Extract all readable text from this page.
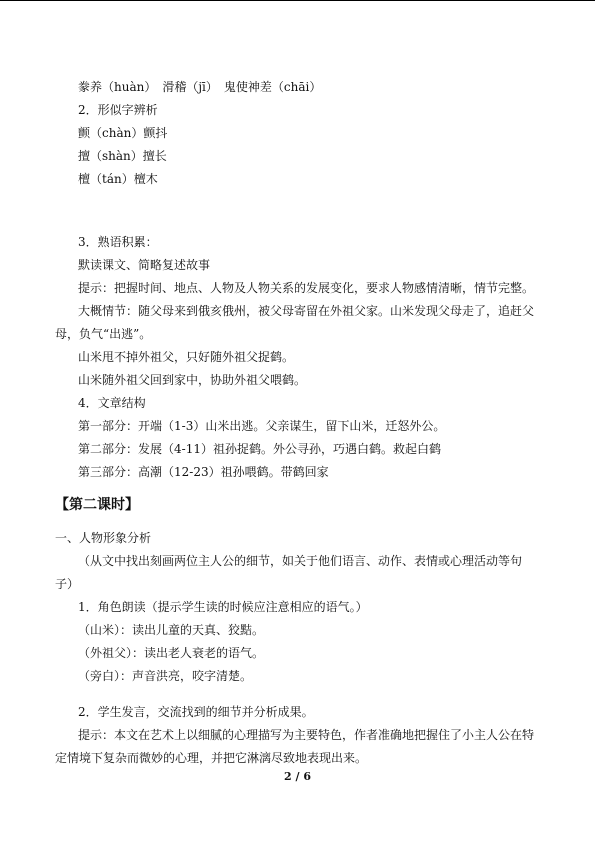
豢养（huàn）　滑稽（jī）　鬼使神差（chāi）
2．形似字辨析
颤（chàn）颤抖
擅（shàn）擅长
檀（tán）檀木
3．熟语积累：
默读课文、简略复述故事
提示：把握时间、地点、人物及人物关系的发展变化，要求人物感情清晰，情节完整。
大概情节：随父母来到俄亥俄州，被父母寄留在外祖父家。山米发现父母走了，追赶父
母，负气“出逃”。
山米甩不掉外祖父，只好随外祖父捉鹤。
山米随外祖父回到家中，协助外祖父喂鹤。
4．文章结构
第一部分：开端（1-3）山米出逃。父亲谋生，留下山米，迁怒外公。
第二部分：发展（4-11）祖孙捉鹤。外公寻孙，巧遇白鹤。救起白鹤
第三部分：高潮（12-23）祖孙喂鹤。带鹤回家
【第二课时】
一、人物形象分析
（从文中找出刻画两位主人公的细节，如关于他们语言、动作、表情或心理活动等句
子）
1．角色朗读（提示学生读的时候应注意相应的语气。）
（山米）：读出儿童的天真、狡黠。
（外祖父）：读出老人衰老的语气。
（旁白）：声音洪亮，咬字清楚。
2．学生发言，交流找到的细节并分析成果。
提示：本文在艺术上以细腻的心理描写为主要特色，作者准确地把握住了小主人公在特
定情境下复杂而微妙的心理，并把它淋漓尽致地表现出来。
2 / 6
